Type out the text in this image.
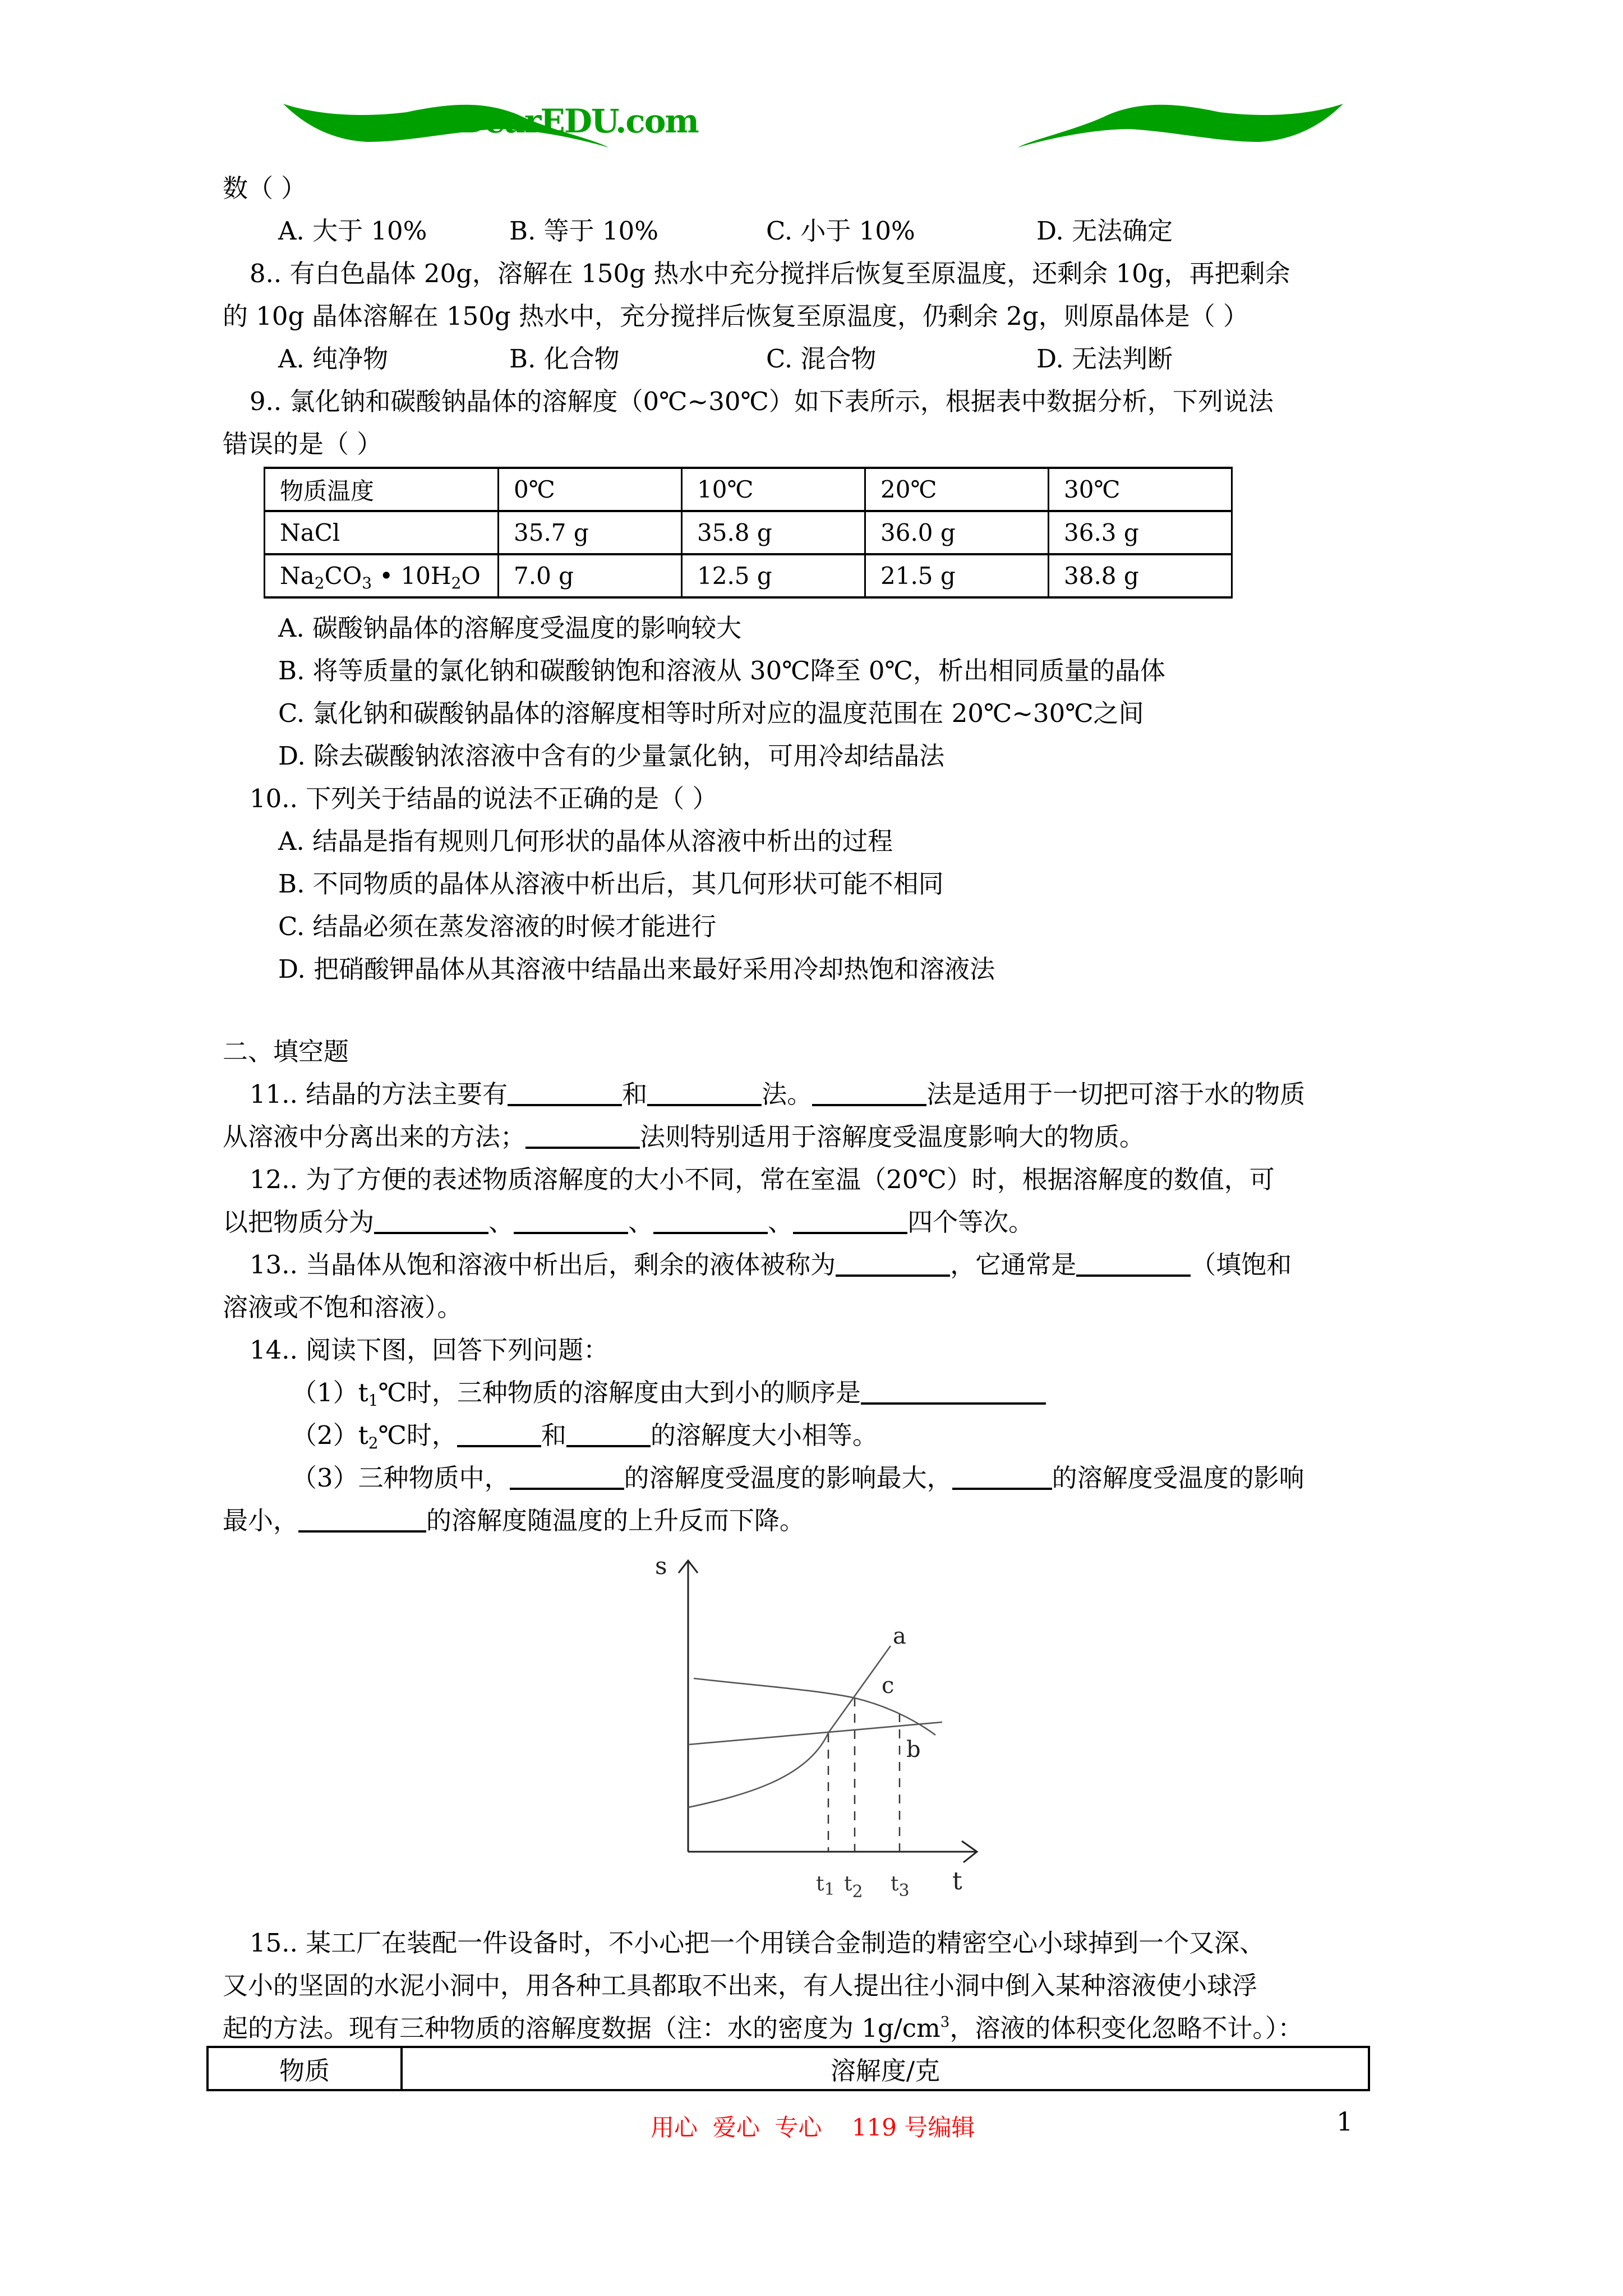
www.DearEDU.com
数（ ）
A. 大于 10%	B. 等于 10%	C. 小于 10%	D. 无法确定
8.. 有白色晶体 20g，溶解在 150g 热水中充分搅拌后恢复至原温度，还剩余 10g，再把剩余
的 10g 晶体溶解在 150g 热水中，充分搅拌后恢复至原温度，仍剩余 2g，则原晶体是（ ）
A. 纯净物	B. 化合物	C. 混合物	D. 无法判断
9.. 氯化钠和碳酸钠晶体的溶解度（0℃~30℃）如下表所示，根据表中数据分析，下列说法
错误的是（ ）
物质温度	0℃	10℃	20℃	30℃
NaCl	35.7 g	35.8 g	36.0 g	36.3 g
$Na_2CO_3$ • $10H_2O$	7.0 g	12.5 g	21.5 g	38.8 g
A. 碳酸钠晶体的溶解度受温度的影响较大
B. 将等质量的氯化钠和碳酸钠饱和溶液从 30℃降至 0℃，析出相同质量的晶体
C. 氯化钠和碳酸钠晶体的溶解度相等时所对应的温度范围在 20℃~30℃之间
D. 除去碳酸钠浓溶液中含有的少量氯化钠，可用冷却结晶法
10.. 下列关于结晶的说法不正确的是（ ）
A. 结晶是指有规则几何形状的晶体从溶液中析出的过程
B. 不同物质的晶体从溶液中析出后，其几何形状可能不相同
C. 结晶必须在蒸发溶液的时候才能进行
D. 把硝酸钾晶体从其溶液中结晶出来最好采用冷却热饱和溶液法
二、填空题
11.. 结晶的方法主要有	和	法。	法是适用于一切把可溶于水的物质
从溶液中分离出来的方法；	法则特别适用于溶解度受温度影响大的物质。
12.. 为了方便的表述物质溶解度的大小不同，常在室温（20℃）时，根据溶解度的数值，可
以把物质分为	、	、	、	四个等次。
13.. 当晶体从饱和溶液中析出后，剩余的液体被称为	，它通常是	（填饱和
溶液或不饱和溶液）。
14.. 阅读下图，回答下列问题：
$(1)t_1℃$时，三种物质的溶解度由大到小的顺序是
$(2)t_2℃$时，	和	的溶解度大小相等。
（3）三种物质中，	的溶解度受温度的影响最大，	的溶解度受温度的影响
最小，	的溶解度随温度的上升反而下降。
s
t
a
c
b
$t_1$ $t_2$ $t_3$
15.. 某工厂在装配一件设备时，不小心把一个用镁合金制造的精密空心小球掉到一个又深、
又小的坚固的水泥小洞中，用各种工具都取不出来，有人提出往小洞中倒入某种溶液使小球浮
起的方法。现有三种物质的溶解度数据（注：水的密度为 $1g/cm^3$，溶液的体积变化忽略不计。）：
物质	溶解度/克
用心  爱心  专心    119 号编辑	1
